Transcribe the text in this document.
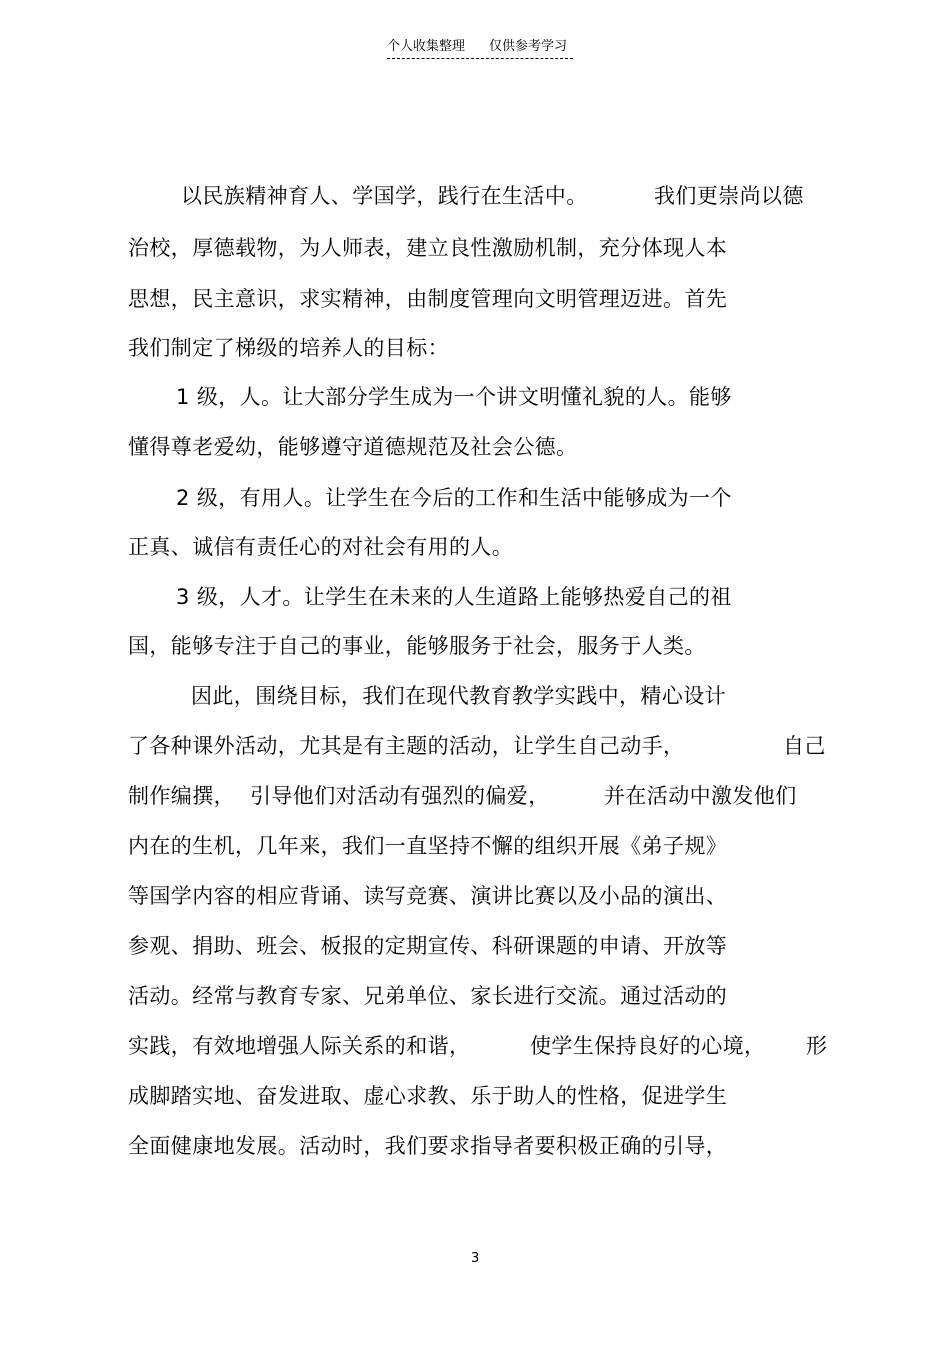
个人收集整理 仅供参考学习
以民族精神育人、学国学，践行在生活中。	我们更崇尚以德
治校，厚德载物，为人师表，建立良性激励机制，充分体现人本
思想，民主意识，求实精神，由制度管理向文明管理迈进。首先
我们制定了梯级的培养人的目标：
1 级，人。让大部分学生成为一个讲文明懂礼貌的人。能够
懂得尊老爱幼，能够遵守道德规范及社会公德。
2 级，有用人。让学生在今后的工作和生活中能够成为一个
正真、诚信有责任心的对社会有用的人。
3 级，人才。让学生在未来的人生道路上能够热爱自己的祖
国，能够专注于自己的事业，能够服务于社会，服务于人类。
因此，围绕目标，我们在现代教育教学实践中，精心设计
了各种课外活动，尤其是有主题的活动，让学生自己动手，	自己
制作编撰， 引导他们对活动有强烈的偏爱，	并在活动中激发他们
内在的生机，几年来，我们一直坚持不懈的组织开展《弟子规》
等国学内容的相应背诵、读写竞赛、演讲比赛以及小品的演出、
参观、捐助、班会、板报的定期宣传、科研课题的申请、开放等
活动。经常与教育专家、兄弟单位、家长进行交流。通过活动的
实践，有效地增强人际关系的和谐，	使学生保持良好的心境， 形
成脚踏实地、奋发进取、虚心求教、乐于助人的性格，促进学生
全面健康地发展。活动时，我们要求指导者要积极正确的引导，
3
